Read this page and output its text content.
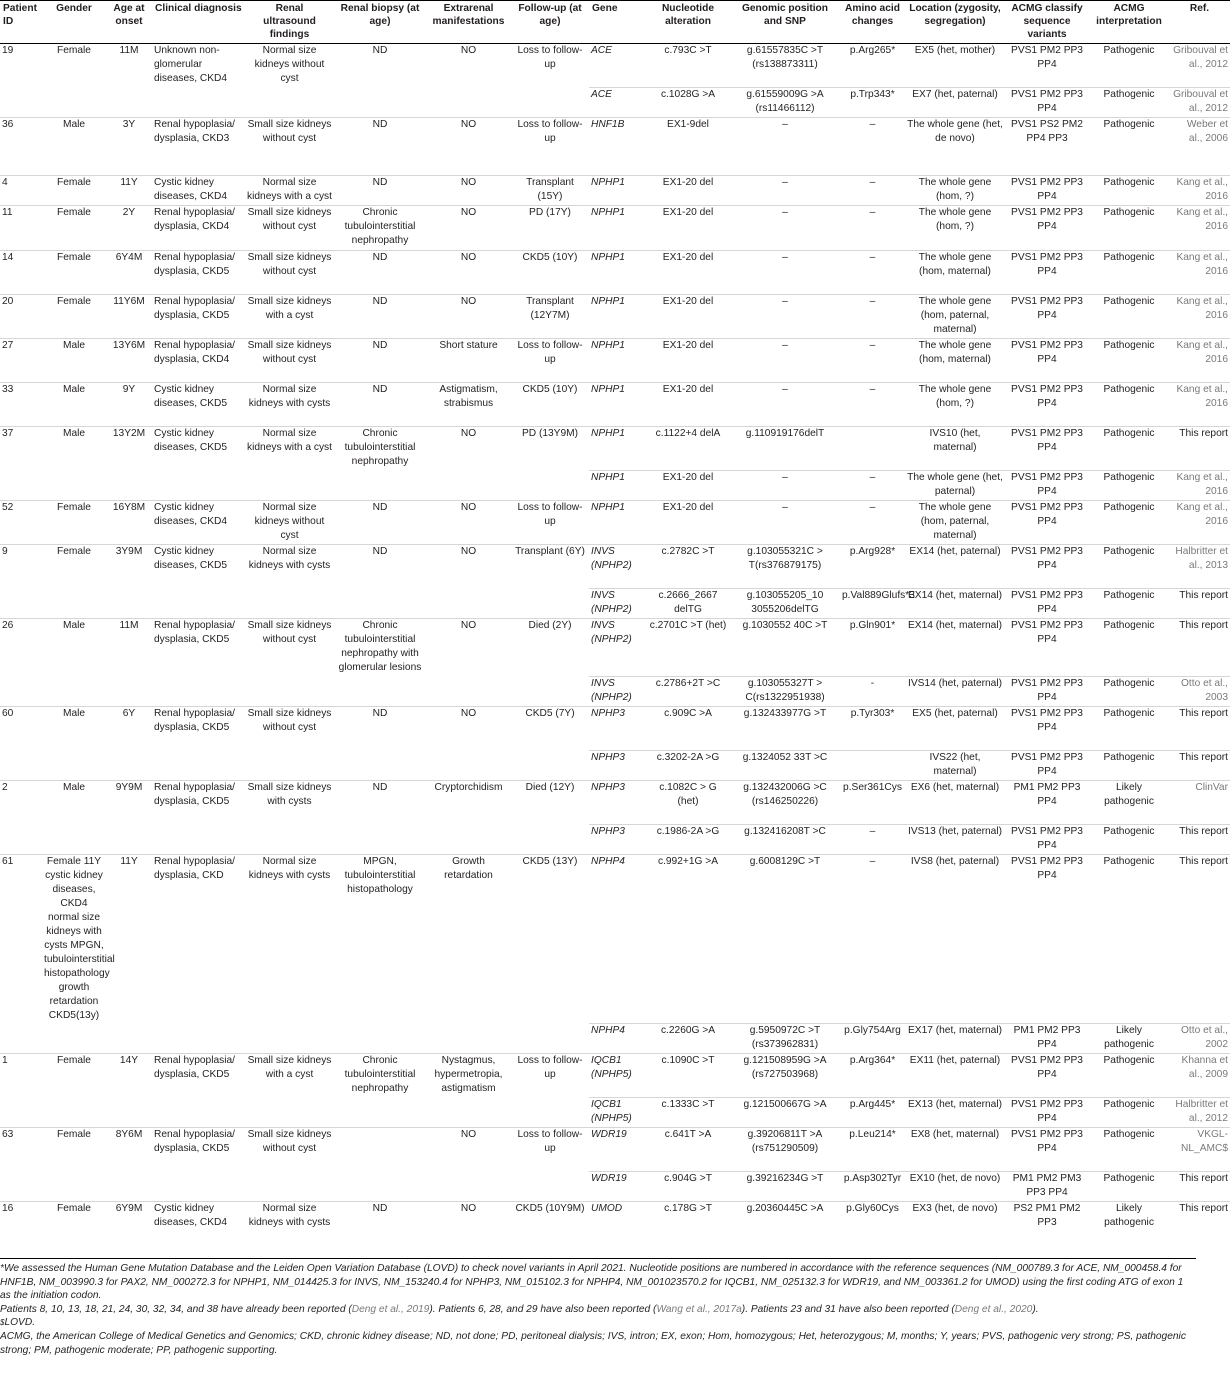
Patient ID	Gender	Age at onset	Clinical diagnosis	Renal ultrasound findings	Renal biopsy (at age)	Extrarenal manifestations	Follow-up (at age)	Gene	Nucleotide alteration	Genomic position and SNP	Amino acid changes	Location (zygosity, segregation)	ACMG classify sequence variants	ACMG interpretation	Ref.
19	Female	11M	Unknown non-glomerular diseases, CKD4	Normal size kidneys without cyst	ND	NO	Loss to follow-up	ACE	c.793C >T	g.61557835C >T (rs138873311)	p.Arg265*	EX5 (het, mother)	PVS1 PM2 PP3 PP4	Pathogenic	Gribouval et al., 2012
								ACE	c.1028G >A	g.61559009G >A (rs11466112)	p.Trp343*	EX7 (het, paternal)	PVS1 PM2 PP3 PP4	Pathogenic	Gribouval et al., 2012
36	Male	3Y	Renal hypoplasia/ dysplasia, CKD3	Small size kidneys without cyst	ND	NO	Loss to follow-up	HNF1B	EX1-9del	–	–	The whole gene (het, de novo)	PVS1 PS2 PM2 PP4 PP3	Pathogenic	Weber et al., 2006
4	Female	11Y	Cystic kidney diseases, CKD4	Normal size kidneys with a cyst	ND	NO	Transplant (15Y)	NPHP1	EX1-20 del	–	–	The whole gene (hom, ?)	PVS1 PM2 PP3 PP4	Pathogenic	Kang et al., 2016
11	Female	2Y	Renal hypoplasia/ dysplasia, CKD4	Small size kidneys without cyst	Chronic tubulointerstitial nephropathy	NO	PD (17Y)	NPHP1	EX1-20 del	–	–	The whole gene (hom, ?)	PVS1 PM2 PP3 PP4	Pathogenic	Kang et al., 2016
14	Female	6Y4M	Renal hypoplasia/ dysplasia, CKD5	Small size kidneys without cyst	ND	NO	CKD5 (10Y)	NPHP1	EX1-20 del	–	–	The whole gene (hom, maternal)	PVS1 PM2 PP3 PP4	Pathogenic	Kang et al., 2016
20	Female	11Y6M	Renal hypoplasia/ dysplasia, CKD5	Small size kidneys with a cyst	ND	NO	Transplant (12Y7M)	NPHP1	EX1-20 del	–	–	The whole gene (hom, paternal, maternal)	PVS1 PM2 PP3 PP4	Pathogenic	Kang et al., 2016
27	Male	13Y6M	Renal hypoplasia/ dysplasia, CKD4	Small size kidneys without cyst	ND	Short stature	Loss to follow-up	NPHP1	EX1-20 del	–	–	The whole gene (hom, maternal)	PVS1 PM2 PP3 PP4	Pathogenic	Kang et al., 2016
33	Male	9Y	Cystic kidney diseases, CKD5	Normal size kidneys with cysts	ND	Astigmatism, strabismus	CKD5 (10Y)	NPHP1	EX1-20 del	–	–	The whole gene (hom, ?)	PVS1 PM2 PP3 PP4	Pathogenic	Kang et al., 2016
37	Male	13Y2M	Cystic kidney diseases, CKD5	Normal size kidneys with a cyst	Chronic tubulointerstitial nephropathy	NO	PD (13Y9M)	NPHP1	c.1122+4 delA	g.110919176delT		IVS10 (het, maternal)	PVS1 PM2 PP3 PP4	Pathogenic	This report
								NPHP1	EX1-20 del	–	–	The whole gene (het, paternal)	PVS1 PM2 PP3 PP4	Pathogenic	Kang et al., 2016
52	Female	16Y8M	Cystic kidney diseases, CKD4	Normal size kidneys without cyst	ND	NO	Loss to follow-up	NPHP1	EX1-20 del	–	–	The whole gene (hom, paternal, maternal)	PVS1 PM2 PP3 PP4	Pathogenic	Kang et al., 2016
9	Female	3Y9M	Cystic kidney diseases, CKD5	Normal size kidneys with cysts	ND	NO	Transplant (6Y)	INVS (NPHP2)	c.2782C >T	g.103055321C > T(rs376879175)	p.Arg928*	EX14 (het, paternal)	PVS1 PM2 PP3 PP4	Pathogenic	Halbritter et al., 2013
								INVS (NPHP2)	c.2666_2667 delTG	g.103055205_10 3055206delTG	p.Val889Glufs*3	EX14 (het, maternal)	PVS1 PM2 PP3 PP4	Pathogenic	This report
26	Male	11M	Renal hypoplasia/ dysplasia, CKD5	Small size kidneys without cyst	Chronic tubulointerstitial nephropathy with glomerular lesions	NO	Died (2Y)	INVS (NPHP2)	c.2701C >T (het)	g.1030552 40C >T	p.Gln901*	EX14 (het, maternal)	PVS1 PM2 PP3 PP4	Pathogenic	This report
								INVS (NPHP2)	c.2786+2T >C	g.103055327T > C(rs1322951938)	-	IVS14 (het, paternal)	PVS1 PM2 PP3 PP4	Pathogenic	Otto et al., 2003
60	Male	6Y	Renal hypoplasia/ dysplasia, CKD5	Small size kidneys without cyst	ND	NO	CKD5 (7Y)	NPHP3	c.909C >A	g.132433977G >T	p.Tyr303*	EX5 (het, paternal)	PVS1 PM2 PP3 PP4	Pathogenic	This report
								NPHP3	c.3202-2A >G	g.1324052 33T >C		IVS22 (het, maternal)	PVS1 PM2 PP3 PP4	Pathogenic	This report
2	Male	9Y9M	Renal hypoplasia/ dysplasia, CKD5	Small size kidneys with cysts	ND	Cryptorchidism	Died (12Y)	NPHP3	c.1082C > G (het)	g.132432006G >C (rs146250226)	p.Ser361Cys	EX6 (het, maternal)	PM1 PM2 PP3 PP4	Likely pathogenic	ClinVar
								NPHP3	c.1986-2A >G	g.132416208T >C	–	IVS13 (het, paternal)	PVS1 PM2 PP3 PP4	Pathogenic	This report
61	Female 11Y cystic kidney diseases, CKD4 normal size kidneys with cysts MPGN, tubulointerstitial histopathology growth retardation CKD5(13y)	11Y	Renal hypoplasia/ dysplasia, CKD	Normal size kidneys with cysts	MPGN, tubulointerstitial histopathology	Growth retardation	CKD5 (13Y)	NPHP4	c.992+1G >A	g.6008129C >T	–	IVS8 (het, paternal)	PVS1 PM2 PP3 PP4	Pathogenic	This report
								NPHP4	c.2260G >A	g.5950972C >T (rs373962831)	p.Gly754Arg	EX17 (het, maternal)	PM1 PM2 PP3 PP4	Likely pathogenic	Otto et al., 2002
1	Female	14Y	Renal hypoplasia/ dysplasia, CKD5	Small size kidneys with a cyst	Chronic tubulointerstitial nephropathy	Nystagmus, hypermetropia, astigmatism	Loss to follow-up	IQCB1 (NPHP5)	c.1090C >T	g.121508959G >A (rs727503968)	p.Arg364*	EX11 (het, paternal)	PVS1 PM2 PP3 PP4	Pathogenic	Khanna et al., 2009
								IQCB1 (NPHP5)	c.1333C >T	g.121500667G >A	p.Arg445*	EX13 (het, maternal)	PVS1 PM2 PP3 PP4	Pathogenic	Halbritter et al., 2012
63	Female	8Y6M	Renal hypoplasia/ dysplasia, CKD5	Small size kidneys without cyst		NO	Loss to follow-up	WDR19	c.641T >A	g.39206811T >A (rs751290509)	p.Leu214*	EX8 (het, maternal)	PVS1 PM2 PP3 PP4	Pathogenic	VKGL-NL_AMC$
								WDR19	c.904G >T	g.39216234G >T	p.Asp302Tyr	EX10 (het, de novo)	PM1 PM2 PM3 PP3 PP4	Pathogenic	This report
16	Female	6Y9M	Cystic kidney diseases, CKD4	Normal size kidneys with cysts	ND	NO	CKD5 (10Y9M)	UMOD	c.178G >T	g.20360445C >A	p.Gly60Cys	EX3 (het, de novo)	PS2 PM1 PM2 PP3	Likely pathogenic	This report

*We assessed the Human Gene Mutation Database and the Leiden Open Variation Database (LOVD) to check novel variants in April 2021. Nucleotide positions are numbered in accordance with the reference sequences (NM_000789.3 for ACE, NM_000458.4 for HNF1B, NM_003990.3 for PAX2, NM_000272.3 for NPHP1, NM_014425.3 for INVS, NM_153240.4 for NPHP3, NM_015102.3 for NPHP4, NM_001023570.2 for IQCB1, NM_025132.3 for WDR19, and NM_003361.2 for UMOD) using the first coding ATG of exon 1 as the initiation codon.

Patients 8, 10, 13, 18, 21, 24, 30, 32, 34, and 38 have already been reported (Deng et al., 2019). Patients 6, 28, and 29 have also been reported (Wang et al., 2017a). Patients 23 and 31 have also been reported (Deng et al., 2020).

$LOVD.

ACMG, the American College of Medical Genetics and Genomics; CKD, chronic kidney disease; ND, not done; PD, peritoneal dialysis; IVS, intron; EX, exon; Hom, homozygous; Het, heterozygous; M, months; Y, years; PVS, pathogenic very strong; PS, pathogenic strong; PM, pathogenic moderate; PP, pathogenic supporting.
